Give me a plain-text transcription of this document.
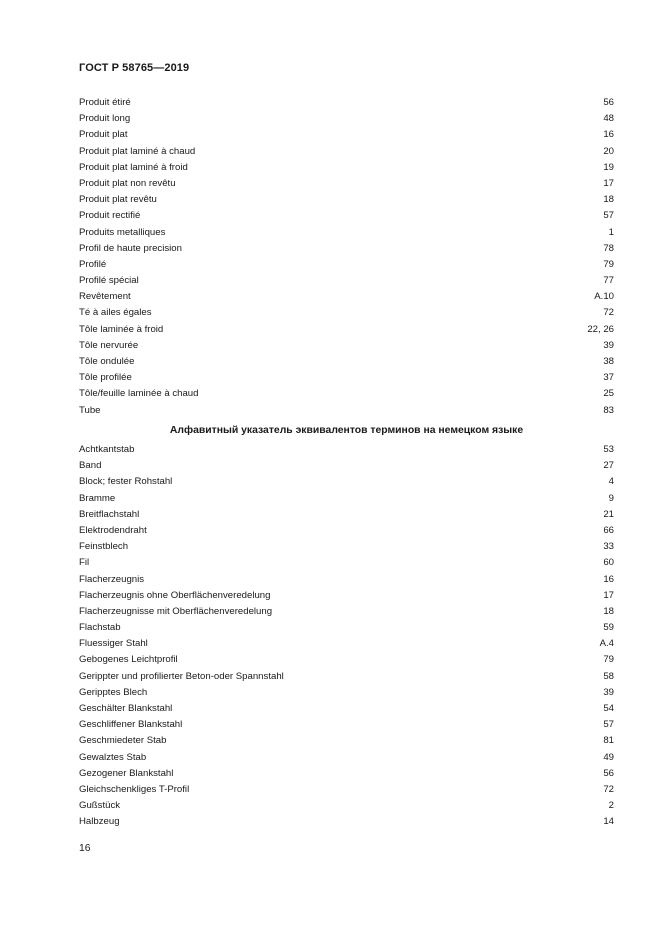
ГОСТ Р 58765—2019
Produit étiré	56
Produit long	48
Produit plat	16
Produit plat laminé à chaud	20
Produit plat laminé à froid	19
Produit plat non revêtu	17
Produit plat revêtu	18
Produit rectifié	57
Produits metalliques	1
Profil de haute precision	78
Profilé	79
Profilé spécial	77
Revêtement	A.10
Té à ailes égales	72
Tôle laminée à froid	22, 26
Tôle nervurée	39
Tôle ondulée	38
Tôle profilée	37
Tôle/feuille laminée à chaud	25
Tube	83
Алфавитный указатель эквивалентов терминов на немецком языке
Achtkantstab	53
Band	27
Block; fester Rohstahl	4
Bramme	9
Breitflachstahl	21
Elektrodendraht	66
Feinstblech	33
Fil	60
Flacherzeugnis	16
Flacherzeugnis ohne Oberflächenveredelung	17
Flacherzeugnisse mit Oberflächenveredelung	18
Flachstab	59
Fluessiger Stahl	A.4
Gebogenes Leichtprofil	79
Gerippter und profilierter Beton-oder Spannstahl	58
Geripptes Blech	39
Geschälter Blankstahl	54
Geschliffener Blankstahl	57
Geschmiedeter Stab	81
Gewalztes Stab	49
Gezogener Blankstahl	56
Gleichschenkliges T-Profil	72
Gußstück	2
Halbzeug	14
16
